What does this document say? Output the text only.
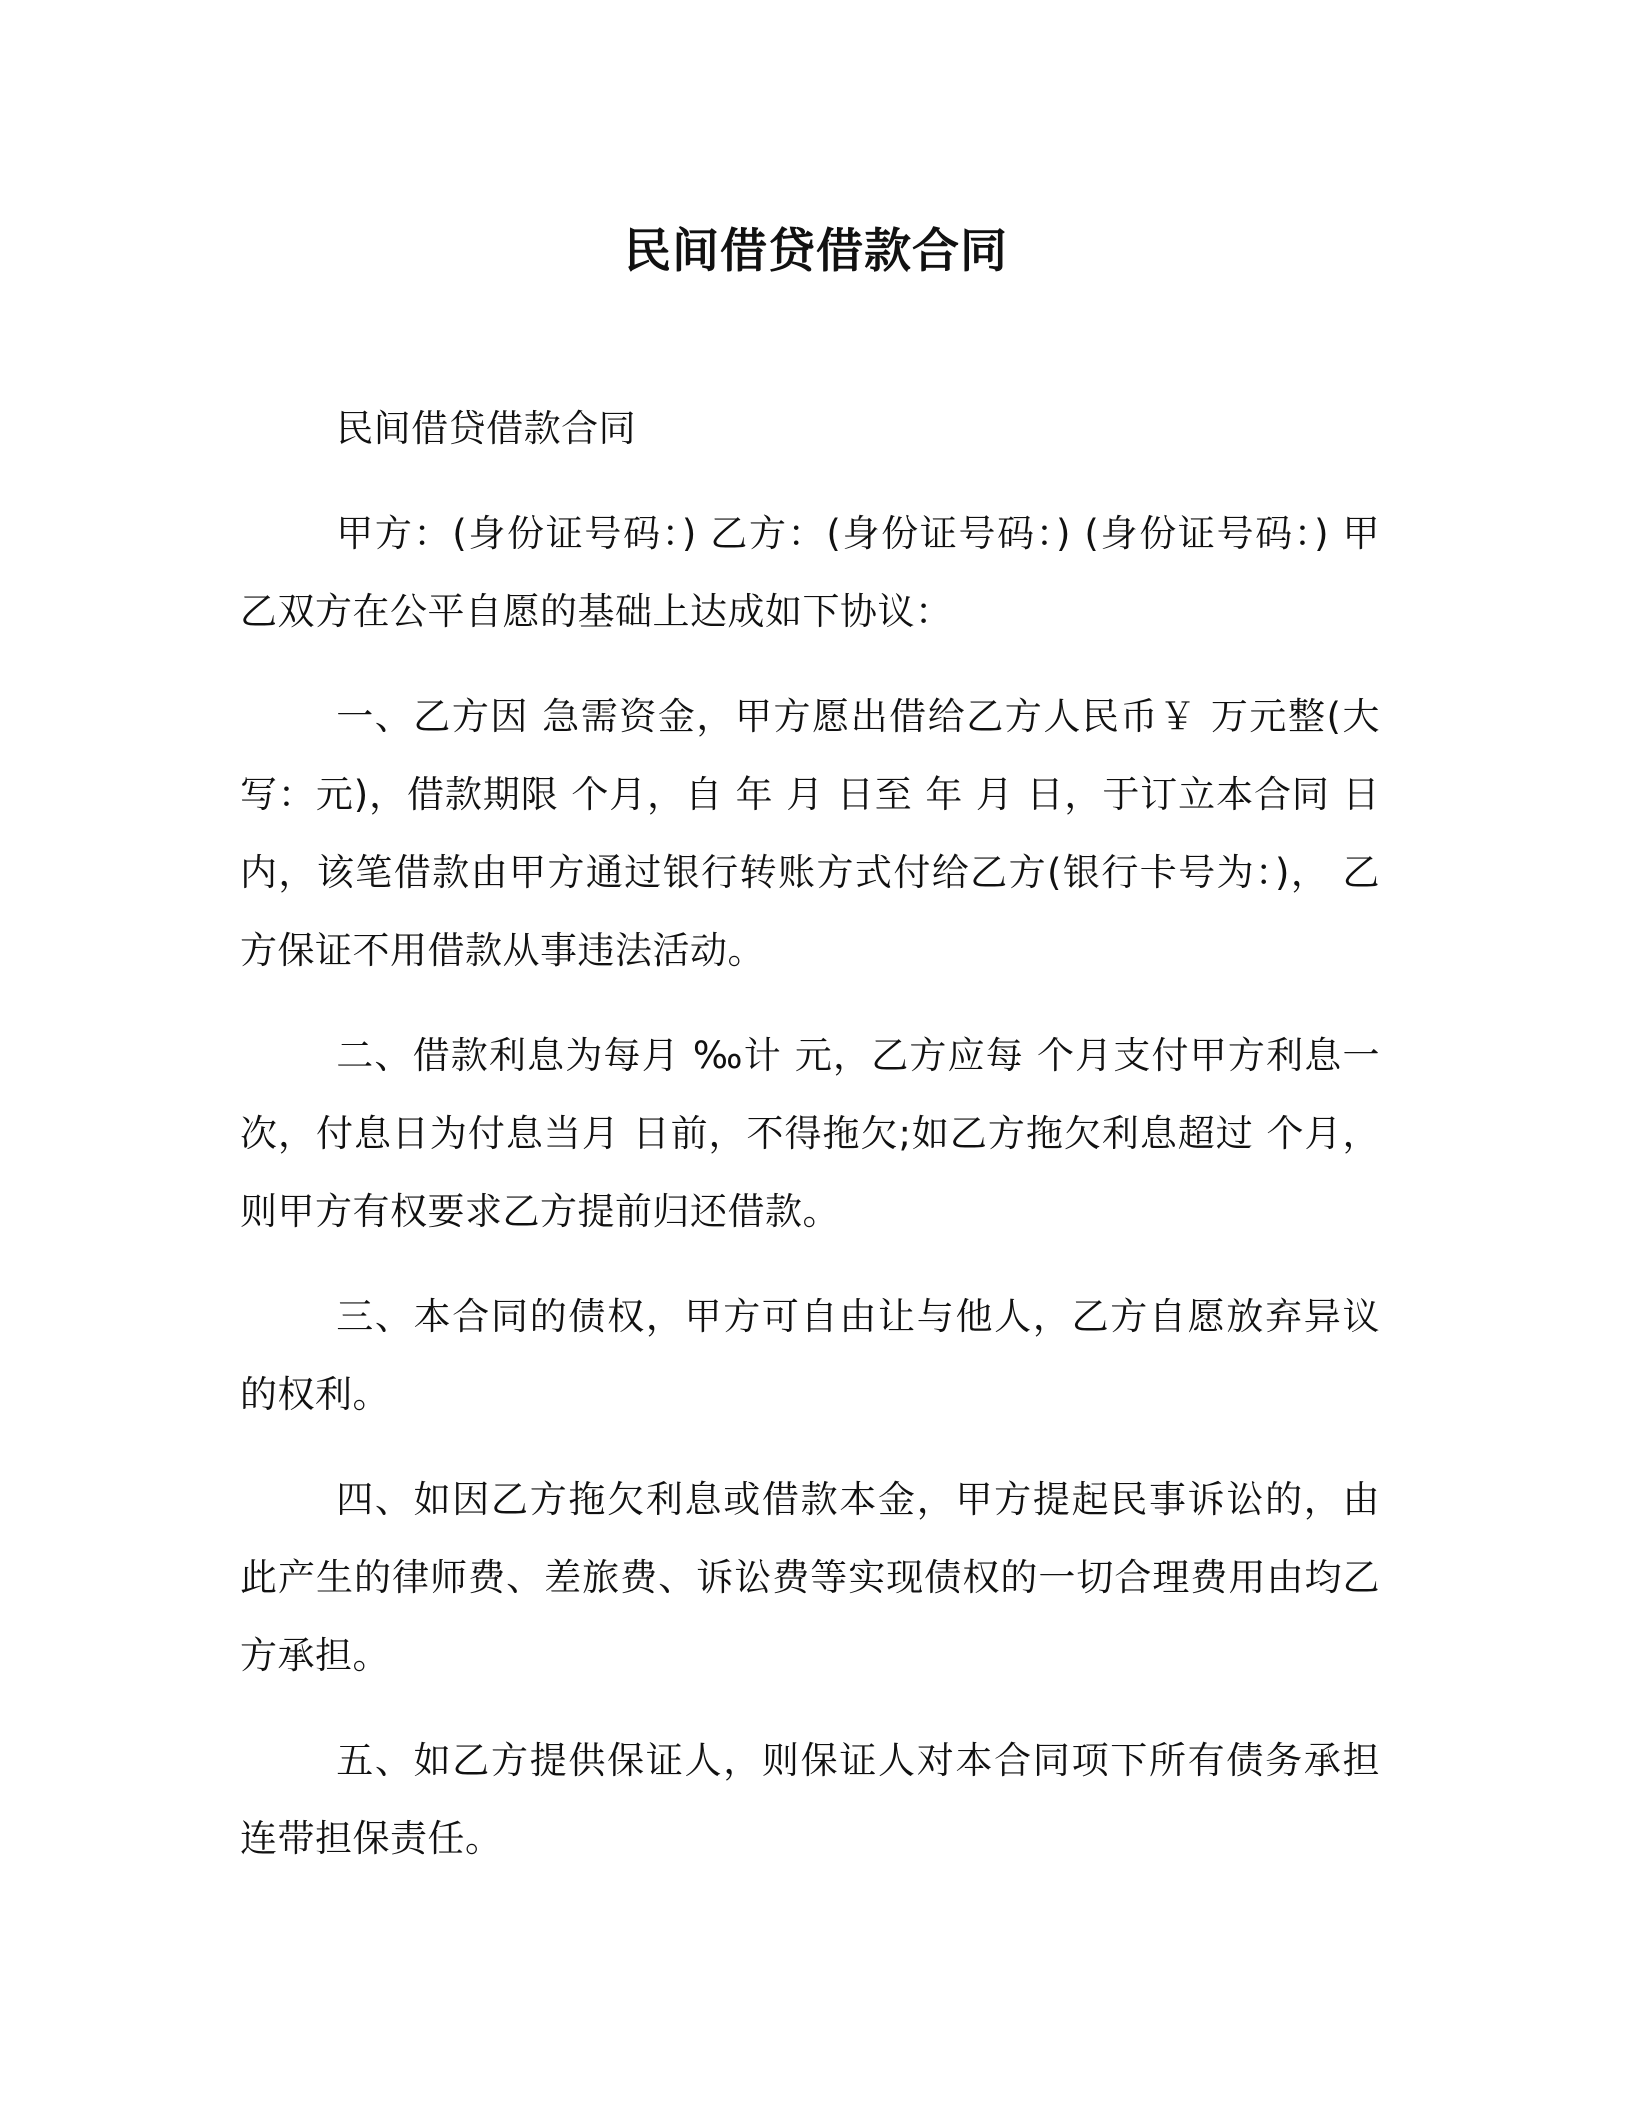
民间借贷借款合同

民间借贷借款合同

甲方：(身份证号码：) 乙方：(身份证号码：) (身份证号码：) 甲乙双方在公平自愿的基础上达成如下协议：

一、乙方因 急需资金，甲方愿出借给乙方人民币￥ 万元整(大写：元)，借款期限 个月，自 年 月 日至 年 月 日，于订立本合同 日内，该笔借款由甲方通过银行转账方式付给乙方(银行卡号为：)， 乙方保证不用借款从事违法活动。

二、借款利息为每月 ‰计 元，乙方应每 个月支付甲方利息一次，付息日为付息当月 日前，不得拖欠;如乙方拖欠利息超过 个月，则甲方有权要求乙方提前归还借款。

三、本合同的债权，甲方可自由让与他人，乙方自愿放弃异议的权利。

四、如因乙方拖欠利息或借款本金，甲方提起民事诉讼的，由此产生的律师费、差旅费、诉讼费等实现债权的一切合理费用由均乙方承担。

五、如乙方提供保证人，则保证人对本合同项下所有债务承担连带担保责任。
